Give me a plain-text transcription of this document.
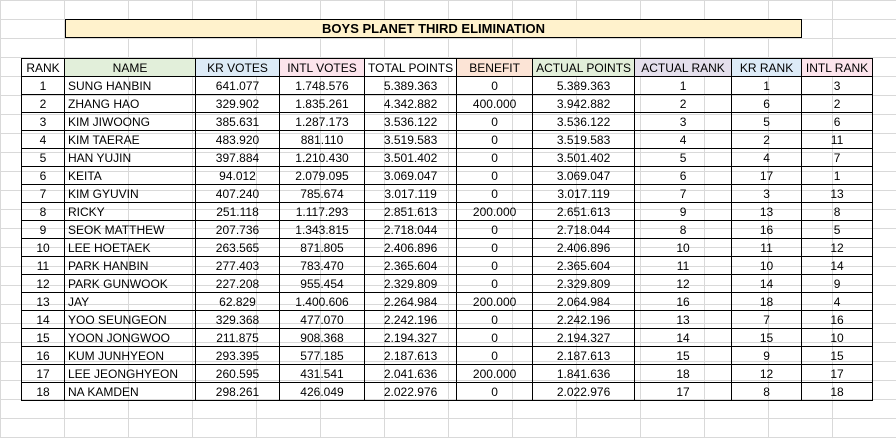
BOYS PLANET THIRD ELIMINATION
RANK	NAME	KR VOTES	INTL VOTES	TOTAL POINTS	BENEFIT	ACTUAL POINTS	ACTUAL RANK	KR RANK	INTL RANK
1	SUNG HANBIN	641.077	1.748.576	5.389.363	0	5.389.363	1	1	3
2	ZHANG HAO	329.902	1.835.261	4.342.882	400.000	3.942.882	2	6	2
3	KIM JIWOONG	385.631	1.287.173	3.536.122	0	3.536.122	3	5	6
4	KIM TAERAE	483.920	881.110	3.519.583	0	3.519.583	4	2	11
5	HAN YUJIN	397.884	1.210.430	3.501.402	0	3.501.402	5	4	7
6	KEITA	94.012	2.079.095	3.069.047	0	3.069.047	6	17	1
7	KIM GYUVIN	407.240	785.674	3.017.119	0	3.017.119	7	3	13
8	RICKY	251.118	1.117.293	2.851.613	200.000	2.651.613	9	13	8
9	SEOK MATTHEW	207.736	1.343.815	2.718.044	0	2.718.044	8	16	5
10	LEE HOETAEK	263.565	871.805	2.406.896	0	2.406.896	10	11	12
11	PARK HANBIN	277.403	783.470	2.365.604	0	2.365.604	11	10	14
12	PARK GUNWOOK	227.208	955.454	2.329.809	0	2.329.809	12	14	9
13	JAY	62.829	1.400.606	2.264.984	200.000	2.064.984	16	18	4
14	YOO SEUNGEON	329.368	477.070	2.242.196	0	2.242.196	13	7	16
15	YOON JONGWOO	211.875	908.368	2.194.327	0	2.194.327	14	15	10
16	KUM JUNHYEON	293.395	577.185	2.187.613	0	2.187.613	15	9	15
17	LEE JEONGHYEON	260.595	431.541	2.041.636	200.000	1.841.636	18	12	17
18	NA KAMDEN	298.261	426.049	2.022.976	0	2.022.976	17	8	18
